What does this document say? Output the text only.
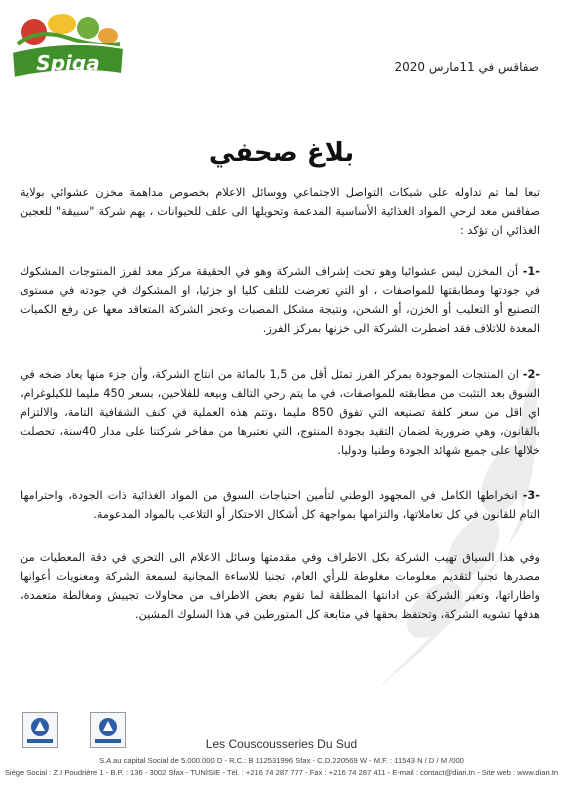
Spiga	صفاقس في 11مارس 2020
بلاغ صحفي
تبعا لما تم تداوله على شبكات التواصل الاجتماعي ووسائل الاعلام بخصوص مداهمة مخزن عشوائي بولاية صفاقس معد لرحي المواد الغذائية الأساسية المدعمة وتحويلها الى علف للحيوانات ، يهم شركة "سبيقة" للعجين الغذائي ان تؤكد :
-1- أن المخزن ليس عشوائيا وهو تحت إشراف الشركة وهو في الحقيقة مركز معد لفرز المنتوجات المشكوك في جودتها ومطابقتها للمواصفات ، او التي تعرضت للتلف كليا او جزئيا، او المشكوك في جودته في مستوى التصنيع أو التعليب أو الخزن، أو الشحن، ونتيجة مشكل المصبات وعجز الشركة المتعاقد معها عن رفع الكميات المعدة للاتلاف فقد اضطرت الشركة الى خزنها بمركز الفرز.
-2- ان المنتجات الموجودة بمركز الفرز تمثل أقل من 1,5 بالمائة من انتاج الشركة، وأن جزء منها يعاد ضخه في السوق بعد التثبت من مطابقته للمواصفات، في ما يتم رحي التالف وبيعه للفلاحين، بسعر 450 مليما للكيلوغرام، اي اقل من سعر كلفة تصنيعه التي تفوق 850 مليما ،وتتم هذه العملية في كنف الشفافية التامة، والالتزام بالقانون، وهي ضرورية لضمان التقيد بجودة المنتوج، التي نعتبرها من مفاخر شركتنا على مدار 40سنة، تحصلت خلالها على جميع شهائد الجودة وطنيا ودوليا.
-3- انخراطها الكامل في المجهود الوطني لتأمين احتياجات السوق من المواد الغذائية ذات الجودة، واحترامها التام للقانون في كل تعاملاتها، والتزامها بمواجهة كل أشكال الاحتكار أو التلاعب بالمواد المدعومة.
وفي هذا السياق تهيب الشركة بكل الاطراف وفي مقدمتها وسائل الاعلام الى التحري في دقة المعطيات من مصدرها تجنبا لتقديم معلومات مغلوطة للرأي العام، تجنبا للاساءة المجانية لسمعة الشركة ومعنويات أعوانها واطاراتها، وتعبر الشركة عن ادانتها المطلقة لما تقوم بعض الاطراف من محاولات تجييش ومغالطة متعمدة، هدفها تشويه الشركة، وتحتفظ بحقها في متابعة كل المتورطين في هذا السلوك المشين.
Les Couscousseries Du Sud
S.A au capital Social de 5.000.000 D - R.C.: B 112531996 Sfax - C.D.220569 W - M.F. : 11543 N / D / M /000
Siège Social : Z.I Poudrière 1 - B.P. : 136 - 3002 Sfax - TUNISIE - Tél. : +216 74 287 777 - Fax : +216 74 287 411 - E-mail : contact@diari.tn - Site web : www.diari.tn
